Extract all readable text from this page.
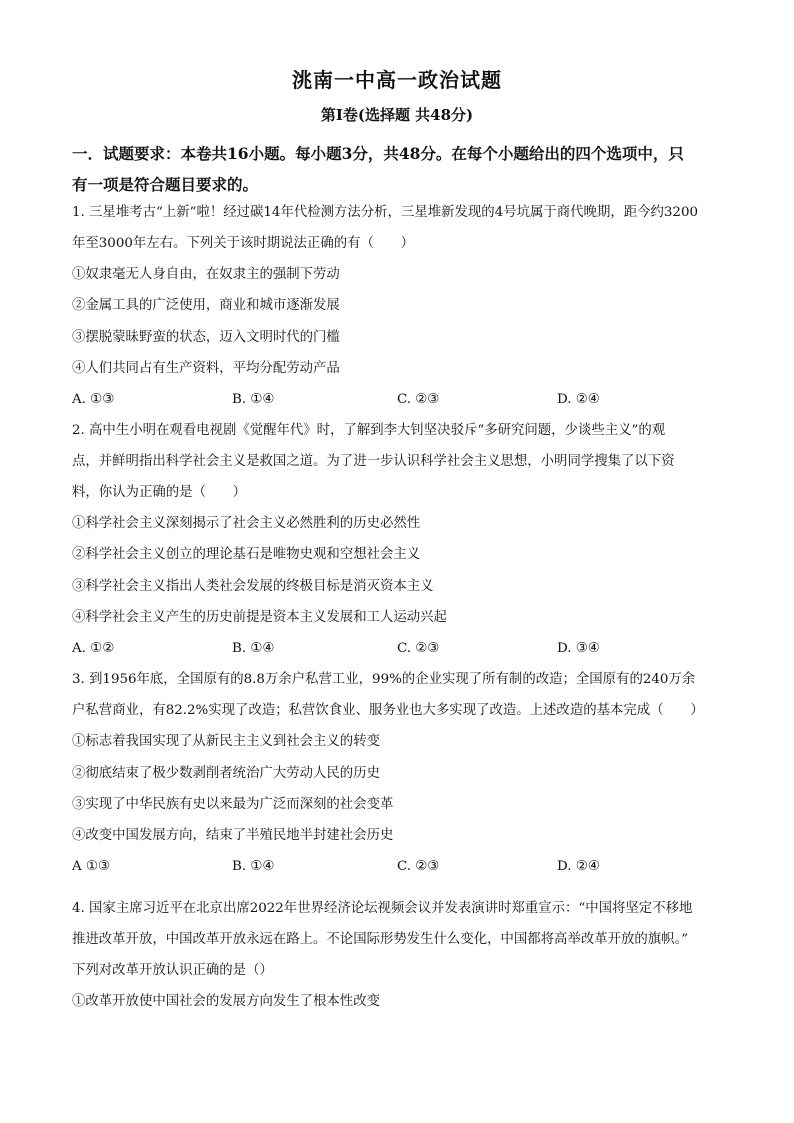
洮南一中高一政治试题
第Ⅰ卷(选择题 共48分)
一．试题要求：本卷共16小题。每小题3分，共48分。在每个小题给出的四个选项中，只
有一项是符合题目要求的。
1. 三星堆考古“上新”啦！经过碳14年代检测方法分析，三星堆新发现的4号坑属于商代晚期，距今约3200
年至3000年左右。下列关于该时期说法正确的有（　　）
①奴隶毫无人身自由，在奴隶主的强制下劳动
②金属工具的广泛使用，商业和城市逐渐发展
③摆脱蒙昧野蛮的状态，迈入文明时代的门槛
④人们共同占有生产资料，平均分配劳动产品
A. ①③	B. ①④	C. ②③	D. ②④
2. 高中生小明在观看电视剧《觉醒年代》时，了解到李大钊坚决驳斥“多研究问题，少谈些主义”的观
点，并鲜明指出科学社会主义是救国之道。为了进一步认识科学社会主义思想，小明同学搜集了以下资
料，你认为正确的是（　　）
①科学社会主义深刻揭示了社会主义必然胜利的历史必然性
②科学社会主义创立的理论基石是唯物史观和空想社会主义
③科学社会主义指出人类社会发展的终极目标是消灭资本主义
④科学社会主义产生的历史前提是资本主义发展和工人运动兴起
A. ①②	B. ①④	C. ②③	D. ③④
3. 到1956年底，全国原有的8.8万余户私营工业，99%的企业实现了所有制的改造；全国原有的240万余
户私营商业，有82.2%实现了改造；私营饮食业、服务业也大多实现了改造。上述改造的基本完成（　　）
①标志着我国实现了从新民主主义到社会主义的转变
②彻底结束了极少数剥削者统治广大劳动人民的历史
③实现了中华民族有史以来最为广泛而深刻的社会变革
④改变中国发展方向，结束了半殖民地半封建社会历史
A ①③	B. ①④	C. ②③	D. ②④
4. 国家主席习近平在北京出席2022年世界经济论坛视频会议并发表演讲时郑重宣示：“中国将坚定不移地
推进改革开放，中国改革开放永远在路上。不论国际形势发生什么变化，中国都将高举改革开放的旗帜。”
下列对改革开放认识正确的是（）
①改革开放使中国社会的发展方向发生了根本性改变
